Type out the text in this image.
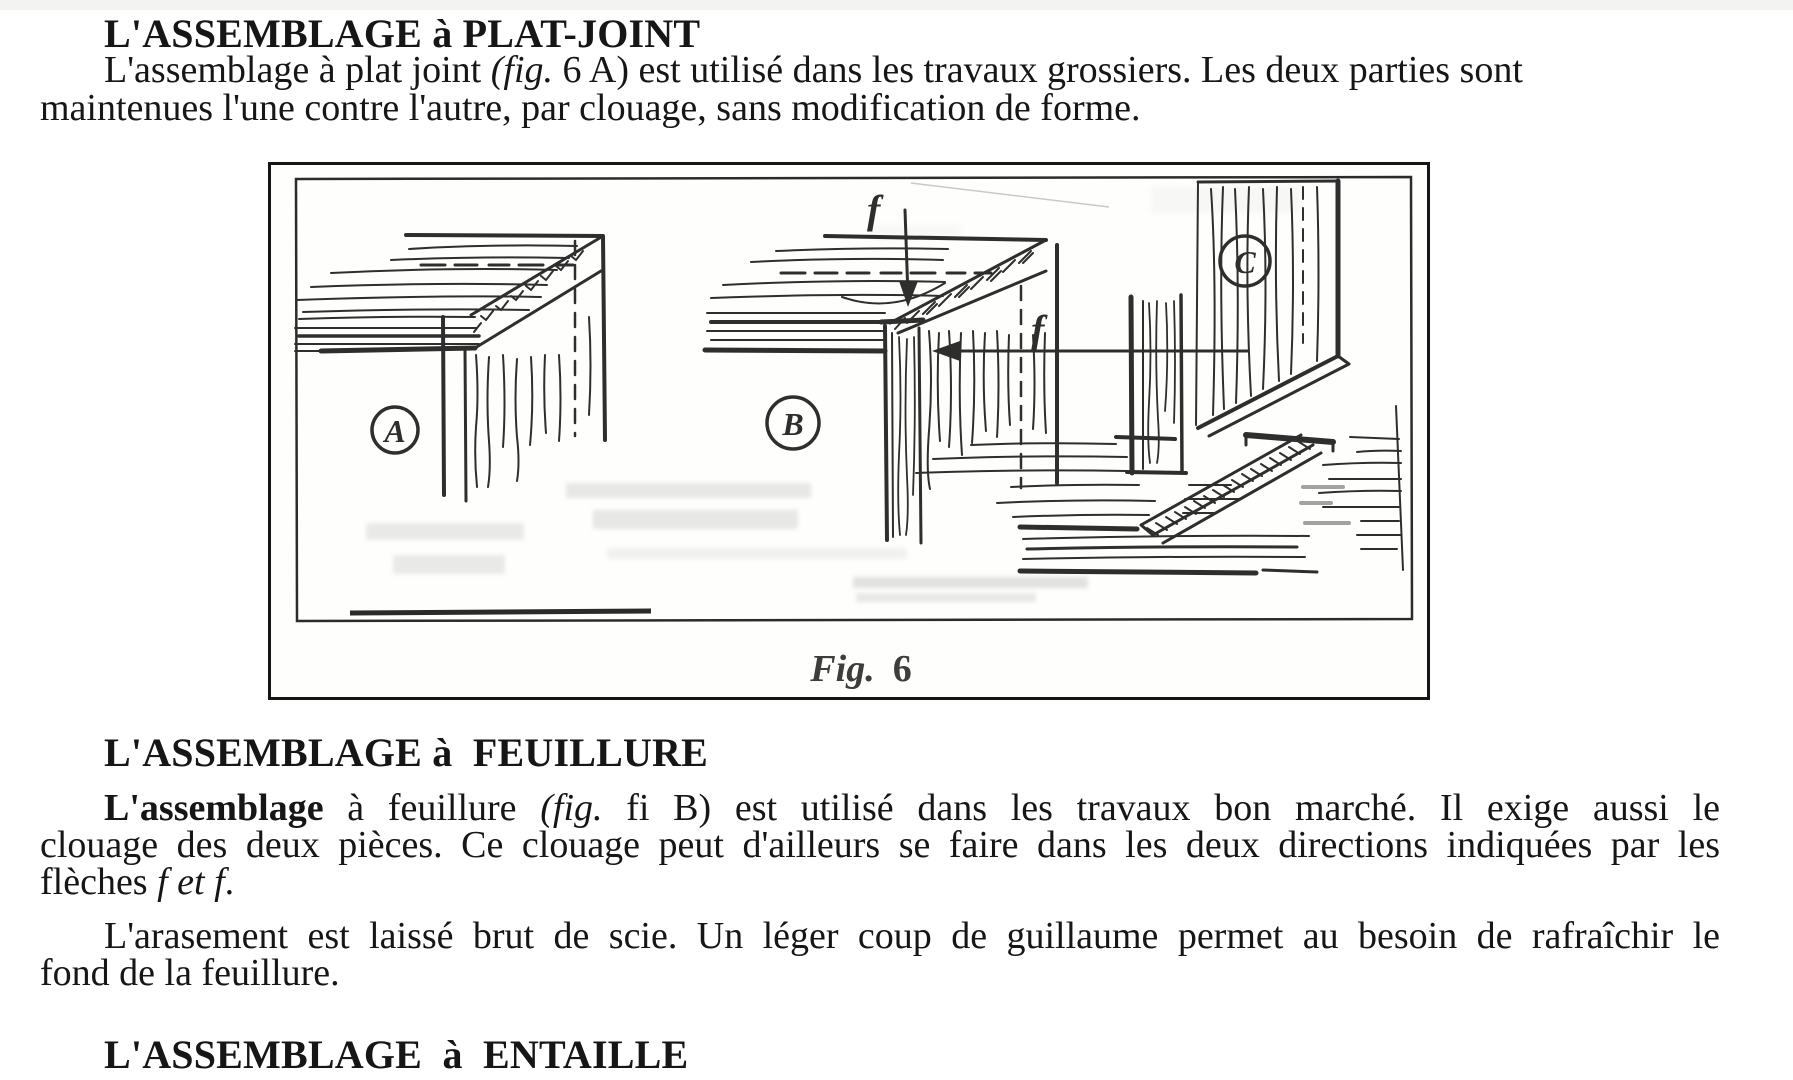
L'ASSEMBLAGE à PLAT-JOINT
L'assemblage à plat joint (fig. 6 A) est utilisé dans les travaux grossiers. Les deux parties sont
maintenues l'une contre l'autre, par clouage, sans modification de forme.
A
f
f
B
C
Fig. 6
L'ASSEMBLAGE à  FEUILLURE
L'assemblage à feuillure (fig. fi B) est utilisé dans les travaux bon marché. Il exige aussi le
clouage des deux pièces. Ce clouage peut d'ailleurs se faire dans les deux directions indiquées par les
flèches f et f.
L'arasement est laissé brut de scie. Un léger coup de guillaume permet au besoin de rafraîchir le
fond de la feuillure.
L'ASSEMBLAGE  à  ENTAILLE
